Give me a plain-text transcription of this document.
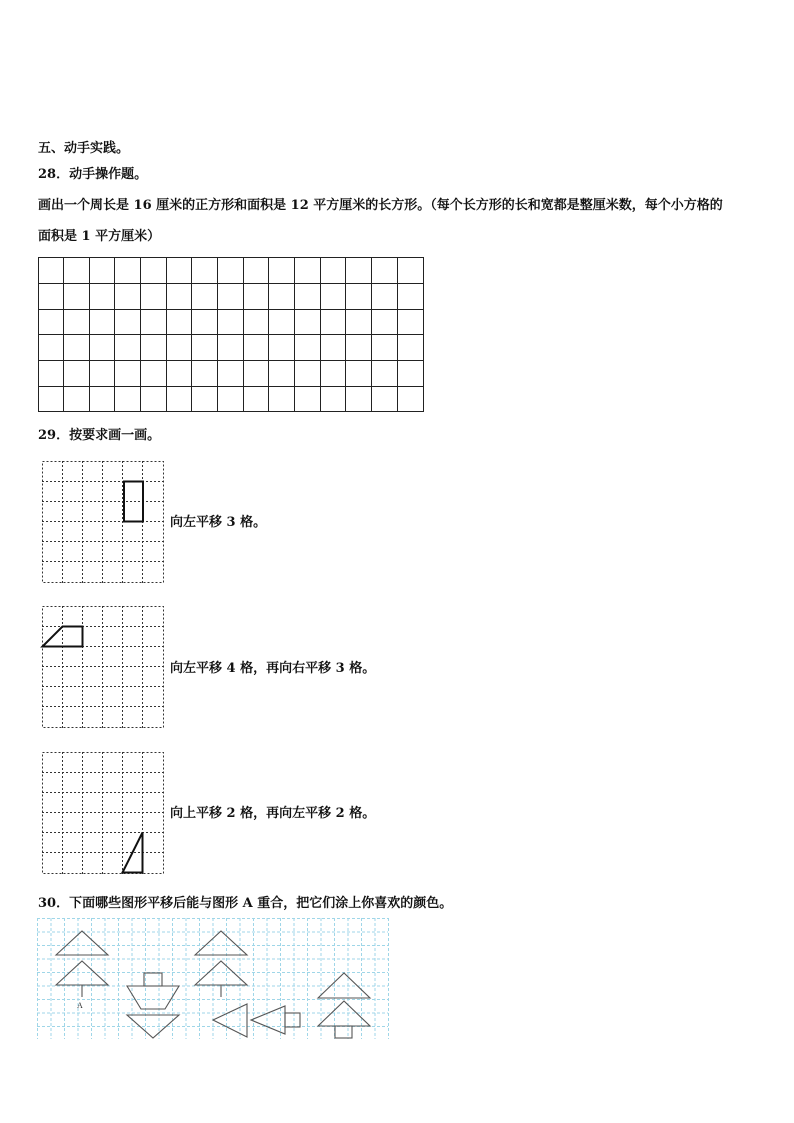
五、动手实践。
28．动手操作题。
画出一个周长是 16 厘米的正方形和面积是 12 平方厘米的长方形。（每个长方形的长和宽都是整厘米数，每个小方格的
面积是 1 平方厘米）
29．按要求画一画。
向左平移 3 格。
向左平移 4 格，再向右平移 3 格。
向上平移 2 格，再向左平移 2 格。
30．下面哪些图形平移后能与图形 A 重合，把它们涂上你喜欢的颜色。
A
